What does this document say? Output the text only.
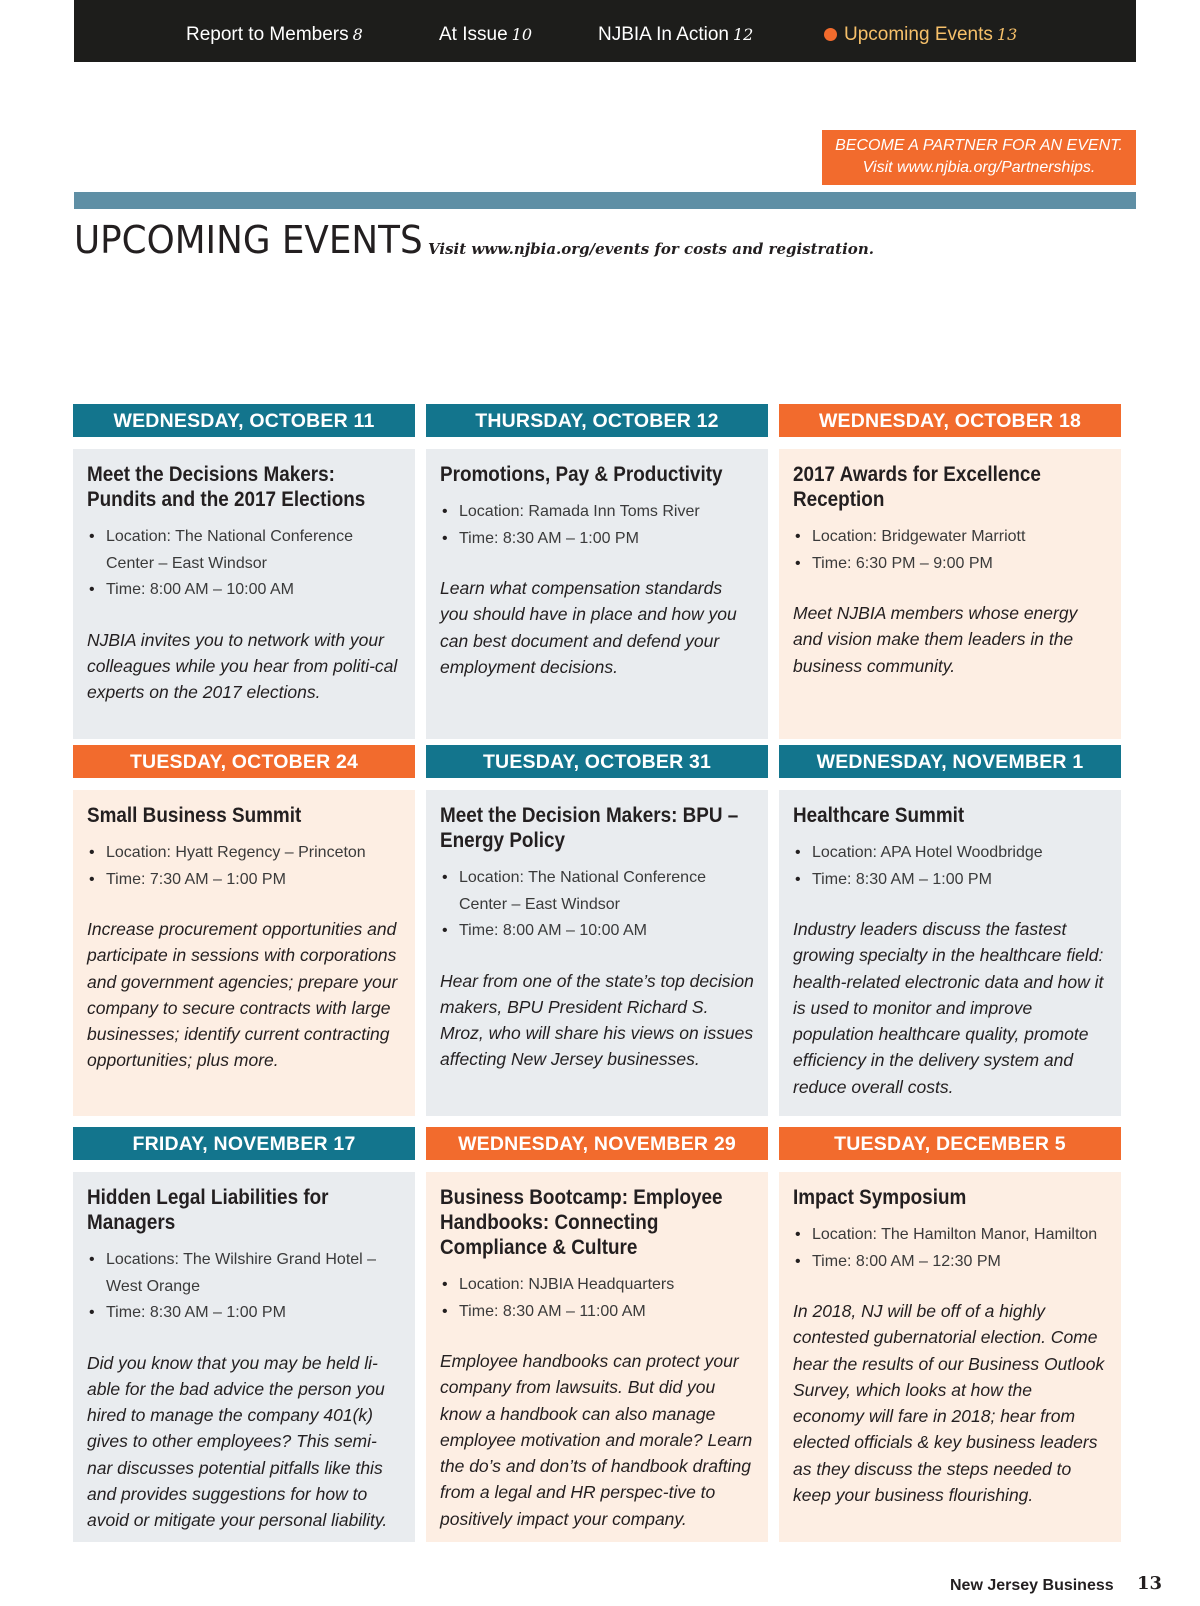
Report to Members 8	At Issue 10	NJBIA In Action 12	Upcoming Events 13
BECOME A PARTNER FOR AN EVENT.
Visit www.njbia.org/Partnerships.
UPCOMING EVENTS Visit www.njbia.org/events for costs and registration.
WEDNESDAY, OCTOBER 11
Meet the Decisions Makers: Pundits and the 2017 Elections
• Location: The National Conference Center – East Windsor
• Time: 8:00 AM – 10:00 AM
NJBIA invites you to network with your colleagues while you hear from politi-cal experts on the 2017 elections.
THURSDAY, OCTOBER 12
Promotions, Pay & Productivity
• Location: Ramada Inn Toms River
• Time: 8:30 AM – 1:00 PM
Learn what compensation standards you should have in place and how you can best document and defend your employment decisions.
WEDNESDAY, OCTOBER 18
2017 Awards for Excellence Reception
• Location: Bridgewater Marriott
• Time: 6:30 PM – 9:00 PM
Meet NJBIA members whose energy and vision make them leaders in the business community.
TUESDAY, OCTOBER 24
Small Business Summit
• Location: Hyatt Regency – Princeton
• Time: 7:30 AM – 1:00 PM
Increase procurement opportunities and participate in sessions with corporations and government agencies; prepare your company to secure contracts with large businesses; identify current contracting opportunities; plus more.
TUESDAY, OCTOBER 31
Meet the Decision Makers: BPU – Energy Policy
• Location: The National Conference Center – East Windsor
• Time: 8:00 AM – 10:00 AM
Hear from one of the state’s top decision makers, BPU President Richard S. Mroz, who will share his views on issues affecting New Jersey businesses.
WEDNESDAY, NOVEMBER 1
Healthcare Summit
• Location: APA Hotel Woodbridge
• Time: 8:30 AM – 1:00 PM
Industry leaders discuss the fastest growing specialty in the healthcare field: health-related electronic data and how it is used to monitor and improve population healthcare quality, promote efficiency in the delivery system and reduce overall costs.
FRIDAY, NOVEMBER 17
Hidden Legal Liabilities for Managers
• Locations: The Wilshire Grand Hotel – West Orange
• Time: 8:30 AM – 1:00 PM
Did you know that you may be held li-able for the bad advice the person you hired to manage the company 401(k) gives to other employees? This semi-nar discusses potential pitfalls like this and provides suggestions for how to avoid or mitigate your personal liability.
WEDNESDAY, NOVEMBER 29
Business Bootcamp: Employee Handbooks: Connecting Compliance & Culture
• Location: NJBIA Headquarters
• Time: 8:30 AM – 11:00 AM
Employee handbooks can protect your company from lawsuits. But did you know a handbook can also manage employee motivation and morale? Learn the do’s and don’ts of handbook drafting from a legal and HR perspec-tive to positively impact your company.
TUESDAY, DECEMBER 5
Impact Symposium
• Location: The Hamilton Manor, Hamilton
• Time: 8:00 AM – 12:30 PM
In 2018, NJ will be off of a highly contested gubernatorial election. Come hear the results of our Business Outlook Survey, which looks at how the economy will fare in 2018; hear from elected officials & key business leaders as they discuss the steps needed to keep your business flourishing.
New Jersey Business 13
